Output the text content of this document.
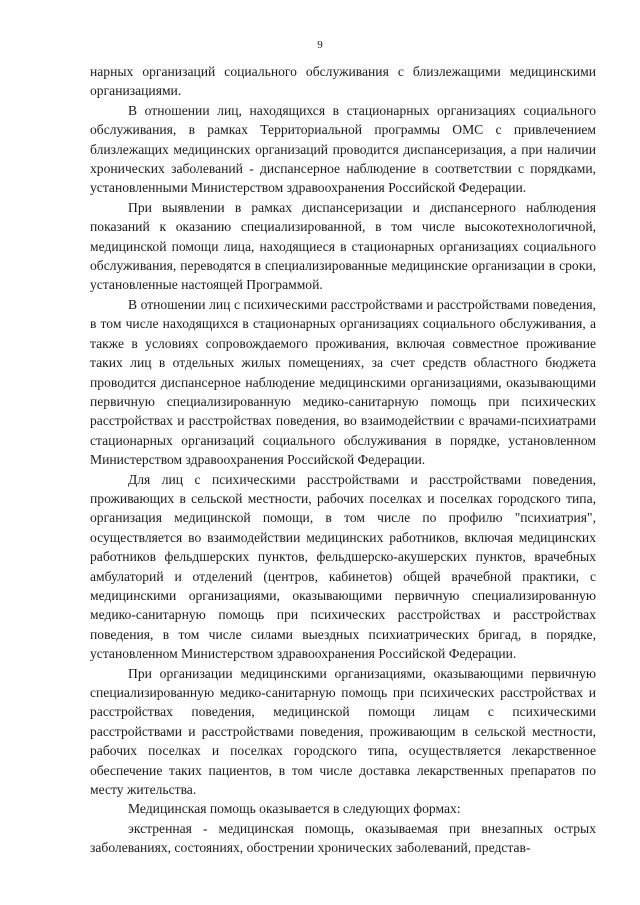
9

нарных организаций социального обслуживания с близлежащими медицинскими организациями.

В отношении лиц, находящихся в стационарных организациях социального обслуживания, в рамках Территориальной программы ОМС с привлечением близлежащих медицинских организаций проводится диспансеризация, а при наличии хронических заболеваний - диспансерное наблюдение в соответствии с порядками, установленными Министерством здравоохранения Российской Федерации.

При выявлении в рамках диспансеризации и диспансерного наблюдения показаний к оказанию специализированной, в том числе высокотехнологичной, медицинской помощи лица, находящиеся в стационарных организациях социального обслуживания, переводятся в специализированные медицинские организации в сроки, установленные настоящей Программой.

В отношении лиц с психическими расстройствами и расстройствами поведения, в том числе находящихся в стационарных организациях социального обслуживания, а также в условиях сопровождаемого проживания, включая совместное проживание таких лиц в отдельных жилых помещениях, за счет средств областного бюджета проводится диспансерное наблюдение медицинскими организациями, оказывающими первичную специализированную медико-санитарную помощь при психических расстройствах и расстройствах поведения, во взаимодействии с врачами-психиатрами стационарных организаций социального обслуживания в порядке, установленном Министерством здравоохранения Российской Федерации.

Для лиц с психическими расстройствами и расстройствами поведения, проживающих в сельской местности, рабочих поселках и поселках городского типа, организация медицинской помощи, в том числе по профилю "психиатрия", осуществляется во взаимодействии медицинских работников, включая медицинских работников фельдшерских пунктов, фельдшерско-акушерских пунктов, врачебных амбулаторий и отделений (центров, кабинетов) общей врачебной практики, с медицинскими организациями, оказывающими первичную специализированную медико-санитарную помощь при психических расстройствах и расстройствах поведения, в том числе силами выездных психиатрических бригад, в порядке, установленном Министерством здравоохранения Российской Федерации.

При организации медицинскими организациями, оказывающими первичную специализированную медико-санитарную помощь при психических расстройствах и расстройствах поведения, медицинской помощи лицам с психическими расстройствами и расстройствами поведения, проживающим в сельской местности, рабочих поселках и поселках городского типа, осуществляется лекарственное обеспечение таких пациентов, в том числе доставка лекарственных препаратов по месту жительства.

Медицинская помощь оказывается в следующих формах:

экстренная - медицинская помощь, оказываемая при внезапных острых заболеваниях, состояниях, обострении хронических заболеваний, представ-
